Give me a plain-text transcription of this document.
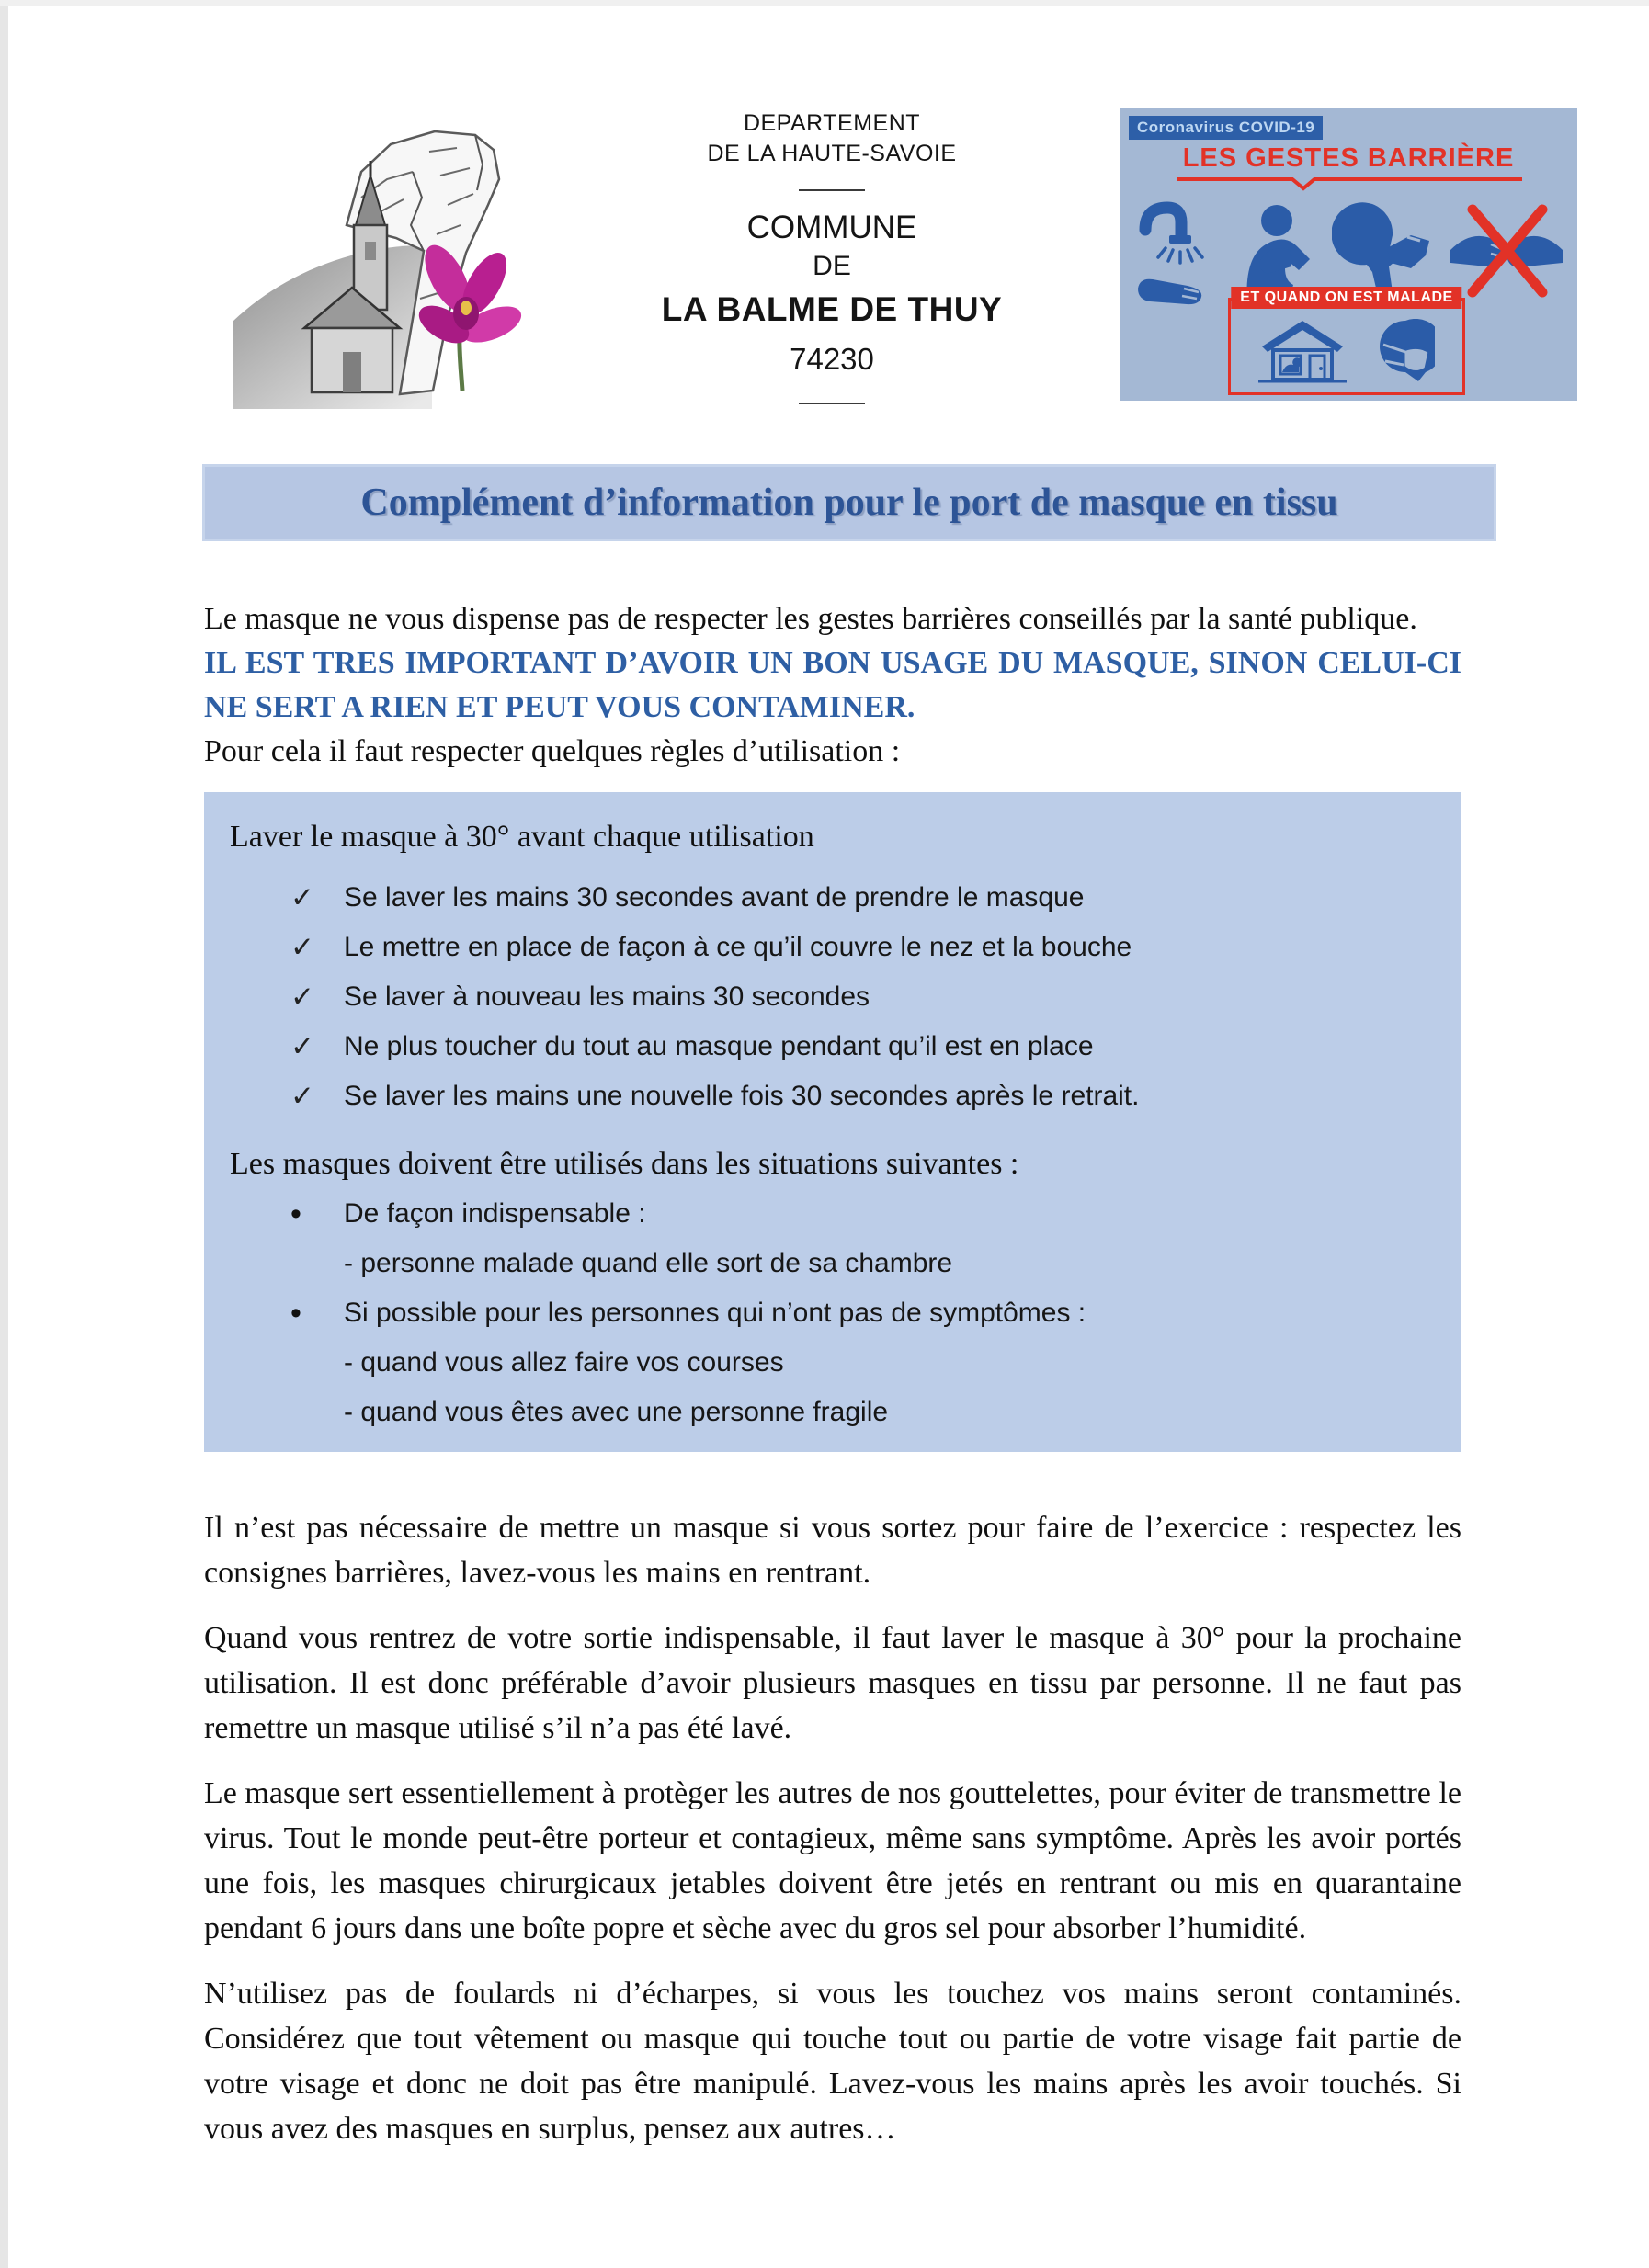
DEPARTEMENT
DE LA HAUTE-SAVOIE
COMMUNE
DE
LA BALME DE THUY
74230
Coronavirus COVID-19
LES GESTES BARRIÈRE
ET QUAND ON EST MALADE
Complément d’information pour le port de masque en tissu

Le masque ne vous dispense pas de respecter les gestes barrières conseillés par la santé publique.

IL EST TRES IMPORTANT D’AVOIR UN BON USAGE DU MASQUE, SINON CELUI-CI NE SERT A RIEN ET PEUT VOUS CONTAMINER.

Pour cela il faut respecter quelques règles d’utilisation :

Laver le masque à 30° avant chaque utilisation

✓	Se laver les mains 30 secondes avant de prendre le masque
✓	Le mettre en place de façon à ce qu’il couvre le nez et la bouche
✓	Se laver à nouveau les mains 30 secondes
✓	Ne plus toucher du tout au masque pendant qu’il est en place
✓	Se laver les mains une nouvelle fois 30 secondes après le retrait.

Les masques doivent être utilisés dans les situations suivantes :

•	De façon indispensable :
- personne malade quand elle sort de sa chambre
•	Si possible pour les personnes qui n’ont pas de symptômes :
- quand vous allez faire vos courses
- quand vous êtes avec une personne fragile

Il n’est pas nécessaire de mettre un masque si vous sortez pour faire de l’exercice : respectez les consignes barrières, lavez-vous les mains en rentrant.

Quand vous rentrez de votre sortie indispensable, il faut laver le masque à 30° pour la prochaine utilisation. Il est donc préférable d’avoir plusieurs masques en tissu par personne. Il ne faut pas remettre un masque utilisé s’il n’a pas été lavé.

Le masque sert essentiellement à protèger les autres de nos gouttelettes, pour éviter de transmettre le virus. Tout le monde peut-être porteur et contagieux, même sans symptôme. Après les avoir portés une fois, les masques chirurgicaux jetables doivent être jetés en rentrant ou mis en quarantaine pendant 6 jours dans une boîte popre et sèche avec du gros sel pour absorber l’humidité.

N’utilisez pas de foulards ni d’écharpes, si vous les touchez vos mains seront contaminés. Considérez que tout vêtement ou masque qui touche tout ou partie de votre visage fait partie de votre visage et donc ne doit pas être manipulé. Lavez-vous les mains après les avoir touchés. Si vous avez des masques en surplus, pensez aux autres…
